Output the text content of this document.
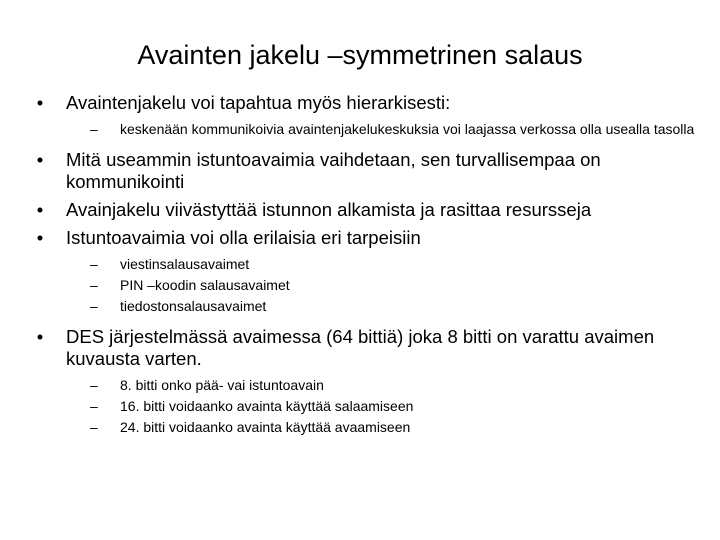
Avainten jakelu –symmetrinen salaus
•	Avaintenjakelu voi tapahtua myös hierarkisesti:
– keskenään kommunikoivia avaintenjakelukeskuksia voi laajassa verkossa olla usealla tasolla
•	Mitä useammin istuntoavaimia vaihdetaan, sen turvallisempaa on kommunikointi
•	Avainjakelu viivästyttää istunnon alkamista ja rasittaa resursseja
•	Istuntoavaimia voi olla erilaisia eri tarpeisiin
– viestinsalausavaimet
– PIN –koodin salausavaimet
– tiedostonsalausavaimet
•	DES järjestelmässä avaimessa (64 bittiä) joka 8 bitti on varattu avaimen kuvausta varten.
– 8. bitti onko pää- vai istuntoavain
– 16. bitti voidaanko avainta käyttää salaamiseen
– 24. bitti voidaanko avainta käyttää avaamiseen
